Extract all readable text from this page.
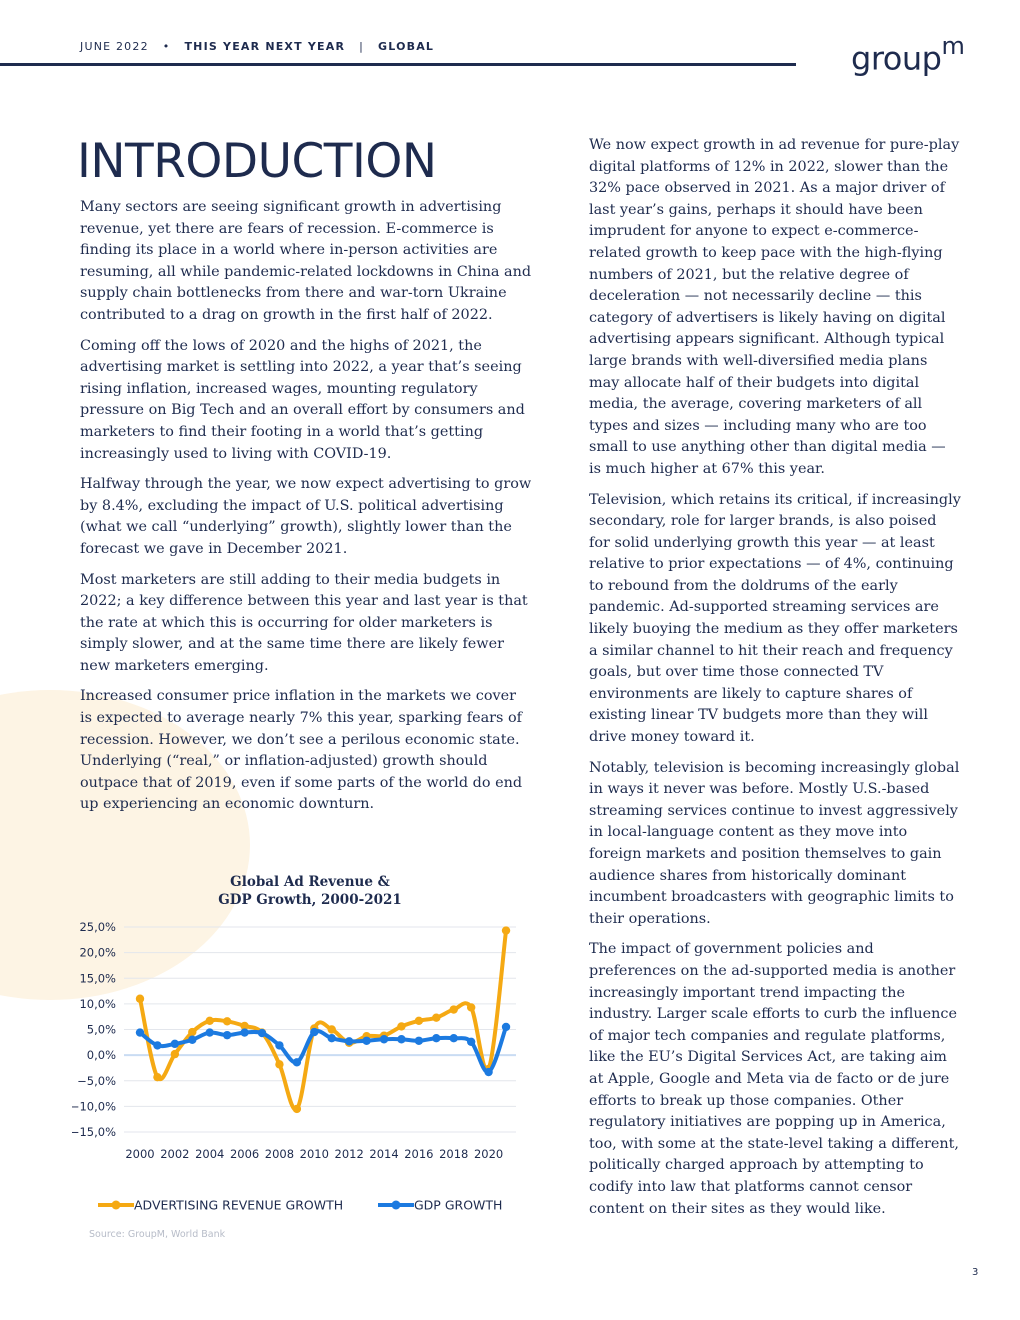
JUNE 2022 • THIS YEAR NEXT YEAR | GLOBAL	group$^m$
INTRODUCTION

Many sectors are seeing significant growth in advertising revenue, yet there are fears of recession. E-commerce is finding its place in a world where in-person activities are resuming, all while pandemic-related lockdowns in China and supply chain bottlenecks from there and war-torn Ukraine contributed to a drag on growth in the first half of 2022.

Coming off the lows of 2020 and the highs of 2021, the advertising market is settling into 2022, a year that’s seeing rising inflation, increased wages, mounting regulatory pressure on Big Tech and an overall effort by consumers and marketers to find their footing in a world that’s getting increasingly used to living with COVID-19.

Halfway through the year, we now expect advertising to grow by 8.4%, excluding the impact of U.S. political advertising (what we call “underlying” growth), slightly lower than the forecast we gave in December 2021.

Most marketers are still adding to their media budgets in 2022; a key difference between this year and last year is that the rate at which this is occurring for older marketers is simply slower, and at the same time there are likely fewer new marketers emerging.

Increased consumer price inflation in the markets we cover is expected to average nearly 7% this year, sparking fears of recession. However, we don’t see a perilous economic state. Underlying (“real,” or inflation-adjusted) growth should outpace that of 2019, even if some parts of the world do end up experiencing an economic downturn.

We now expect growth in ad revenue for pure-play digital platforms of 12% in 2022, slower than the 32% pace observed in 2021. As a major driver of last year’s gains, perhaps it should have been imprudent for anyone to expect e-commerce-related growth to keep pace with the high-flying numbers of 2021, but the relative degree of deceleration — not necessarily decline — this category of advertisers is likely having on digital advertising appears significant. Although typical large brands with well-diversified media plans may allocate half of their budgets into digital media, the average, covering marketers of all types and sizes — including many who are too small to use anything other than digital media — is much higher at 67% this year.

Television, which retains its critical, if increasingly secondary, role for larger brands, is also poised for solid underlying growth this year — at least relative to prior expectations — of 4%, continuing to rebound from the doldrums of the early pandemic. Ad-supported streaming services are likely buoying the medium as they offer marketers a similar channel to hit their reach and frequency goals, but over time those connected TV environments are likely to capture shares of existing linear TV budgets more than they will drive money toward it.

Notably, television is becoming increasingly global in ways it never was before. Mostly U.S.-based streaming services continue to invest aggressively in local-language content as they move into foreign markets and position themselves to gain audience shares from historically dominant incumbent broadcasters with geographic limits to their operations.

The impact of government policies and preferences on the ad-supported media is another increasingly important trend impacting the industry. Larger scale efforts to curb the influence of major tech companies and regulate platforms, like the EU’s Digital Services Act, are taking aim at Apple, Google and Meta via de facto or de jure efforts to break up those companies. Other regulatory initiatives are popping up in America, too, with some at the state-level taking a different, politically charged approach by attempting to codify into law that platforms cannot censor content on their sites as they would like.

Global Ad Revenue &
GDP Growth, 2000-2021
25,0%
20,0%
15,0%
10,0%
5,0%
0,0%
−5,0%
−10,0%
−15,0%
2000 2002 2004 2006 2008 2010 2012 2014 2016 2018 2020
ADVERTISING REVENUE GROWTH	GDP GROWTH
Source: GroupM, World Bank
3
